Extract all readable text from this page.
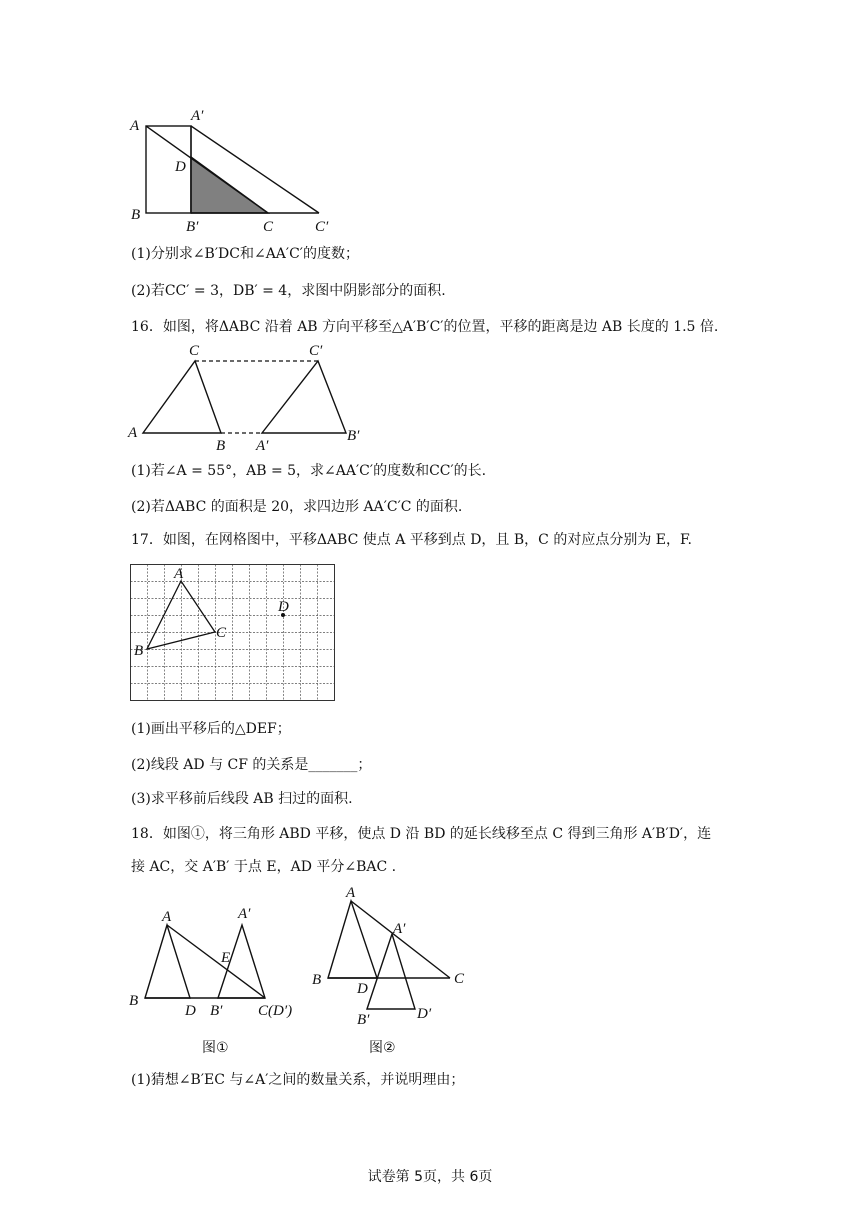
A
A′
D
B
B′	C	C′
(1)分别求∠B′DC和∠AA′C′的度数；
(2)若CC′ = 3，DB′ = 4，求图中阴影部分的面积.
16．如图，将ΔABC 沿着 AB 方向平移至△A′B′C′的位置，平移的距离是边 AB 长度的 1.5 倍.
C	C′
A
B A′
B′
(1)若∠A = 55°，AB = 5，求∠AA′C′的度数和CC′的长.
(2)若ΔABC 的面积是 20，求四边形 AA′C′C 的面积.
17．如图，在网格图中，平移ΔABC 使点 A 平移到点 D，且 B，C 的对应点分别为 E，F.
A
B
C
D
(1)画出平移后的△DEF；
(2)线段 AD 与 CF 的关系是_______；
(3)求平移前后线段 AB 扫过的面积.
18．如图①，将三角形 ABD 平移，使点 D 沿 BD 的延长线移至点 C 得到三角形 A′B′D′，连
接 AC，交 A′B′ 于点 E，AD 平分∠BAC .
A	A′
E
B
D B′ C(D′)
A
A′
B
D
C
B′	D′
图①	图②
(1)猜想∠B′EC 与∠A′之间的数量关系，并说明理由；
试卷第 5页，共 6页
